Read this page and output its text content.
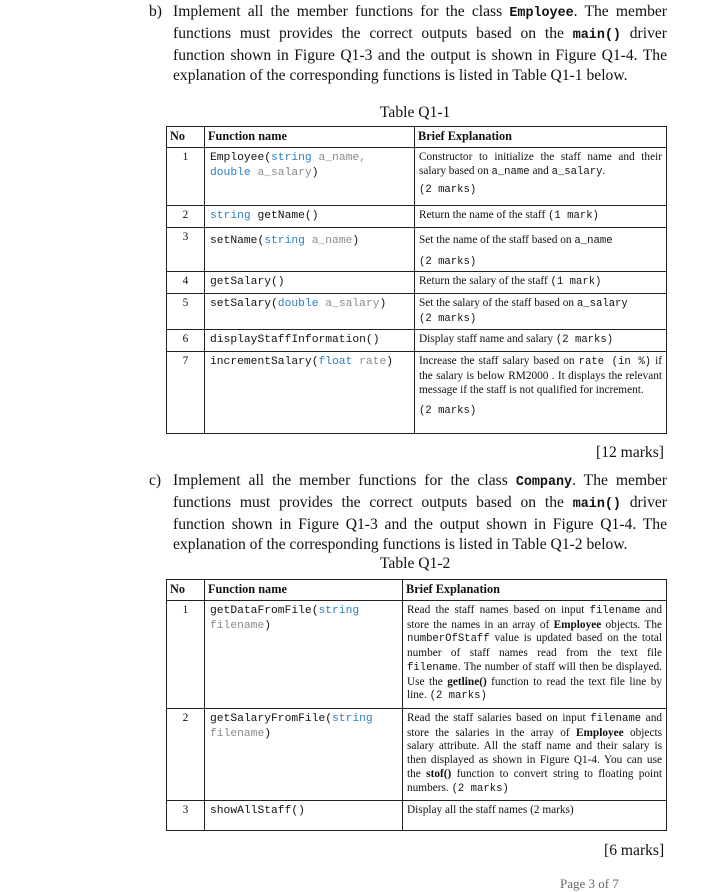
b) Implement all the member functions for the class Employee. The member functions must provides the correct outputs based on the main() driver function shown in Figure Q1-3 and the output is shown in Figure Q1-4. The explanation of the corresponding functions is listed in Table Q1-1 below.
Table Q1-1
No	Function name	Brief Explanation
1	Employee(string a_name,
double a_salary)	Constructor to initialize the staff name and their salary based on a_name and a_salary.
(2 marks)

2	string getName()	Return the name of the staff (1 mark)
3	setName(string a_name)	Set the name of the staff based on a_name
(2 marks)

4	getSalary()	Return the salary of the staff (1 mark)
5	setSalary(double a_salary)	Set the salary of the staff based on a_salary
(2 marks)
6	displayStaffInformation()	Display staff name and salary (2 marks)
7	incrementSalary(float rate)	Increase the staff salary based on rate (in %) if the salary is below RM2000 . It displays the relevant message if the staff is not qualified for increment.
(2 marks)
[12 marks]
c) Implement all the member functions for the class Company. The member functions must provides the correct outputs based on the main() driver function shown in Figure Q1-3 and the output shown in Figure Q1-4. The explanation of the corresponding functions is listed in Table Q1-2 below.
Table Q1-2
No	Function name	Brief Explanation
1	getDataFromFile(string
filename)	Read the staff names based on input filename and store the names in an array of Employee objects. The numberOfStaff value is updated based on the total number of staff names read from the text file filename. The number of staff will then be displayed. Use the getline() function to read the text file line by line. (2 marks)
2	getSalaryFromFile(string
filename)	Read the staff salaries based on input filename and store the salaries in the array of Employee objects salary attribute. All the staff name and their salary is then displayed as shown in Figure Q1-4. You can use the stof() function to convert string to floating point numbers. (2 marks)
3	showAllStaff()	Display all the staff names (2 marks)
[6 marks]
Page 3 of 7
